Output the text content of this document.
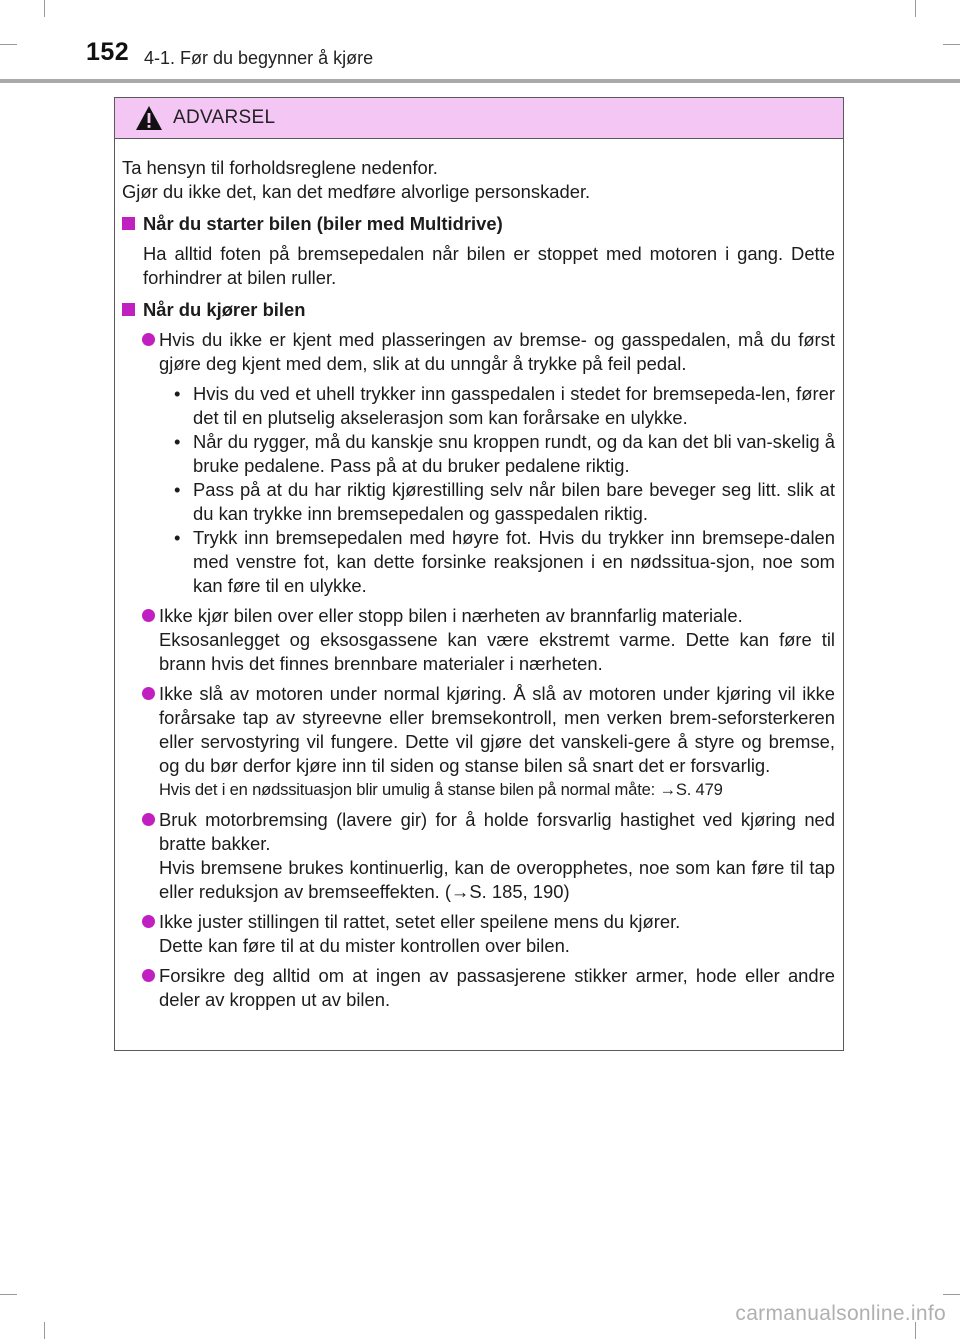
152 4-1. Før du begynner å kjøre
ADVARSEL
Ta hensyn til forholdsreglene nedenfor.
Gjør du ikke det, kan det medføre alvorlige personskader.
Når du starter bilen (biler med Multidrive)
Ha alltid foten på bremsepedalen når bilen er stoppet med motoren i gang. Dette forhindrer at bilen ruller.
Når du kjører bilen
Hvis du ikke er kjent med plasseringen av bremse- og gasspedalen, må du først gjøre deg kjent med dem, slik at du unngår å trykke på feil pedal.
• Hvis du ved et uhell trykker inn gasspedalen i stedet for bremsepeda-len, fører det til en plutselig akselerasjon som kan forårsake en ulykke.
• Når du rygger, må du kanskje snu kroppen rundt, og da kan det bli van-skelig å bruke pedalene. Pass på at du bruker pedalene riktig.
• Pass på at du har riktig kjørestilling selv når bilen bare beveger seg litt. slik at du kan trykke inn bremsepedalen og gasspedalen riktig.
• Trykk inn bremsepedalen med høyre fot. Hvis du trykker inn bremsepe-dalen med venstre fot, kan dette forsinke reaksjonen i en nødssitua-sjon, noe som kan føre til en ulykke.

Ikke kjør bilen over eller stopp bilen i nærheten av brannfarlig materiale.

Eksosanlegget og eksosgassene kan være ekstremt varme. Dette kan føre til brann hvis det finnes brennbare materialer i nærheten.

Ikke slå av motoren under normal kjøring. Å slå av motoren under kjøring vil ikke forårsake tap av styreevne eller bremsekontroll, men verken brem-seforsterkeren eller servostyring vil fungere. Dette vil gjøre det vanskeli-gere å styre og bremse, og du bør derfor kjøre inn til siden og stanse bilen så snart det er forsvarlig.

Hvis det i en nødssituasjon blir umulig å stanse bilen på normal måte: →S. 479

Bruk motorbremsing (lavere gir) for å holde forsvarlig hastighet ved kjøring ned bratte bakker.

Hvis bremsene brukes kontinuerlig, kan de overopphetes, noe som kan føre til tap eller reduksjon av bremseeffekten. (→S. 185, 190)

Ikke juster stillingen til rattet, setet eller speilene mens du kjører.

Dette kan føre til at du mister kontrollen over bilen.

Forsikre deg alltid om at ingen av passasjerene stikker armer, hode eller andre deler av kroppen ut av bilen.
carmanualsonline.info
